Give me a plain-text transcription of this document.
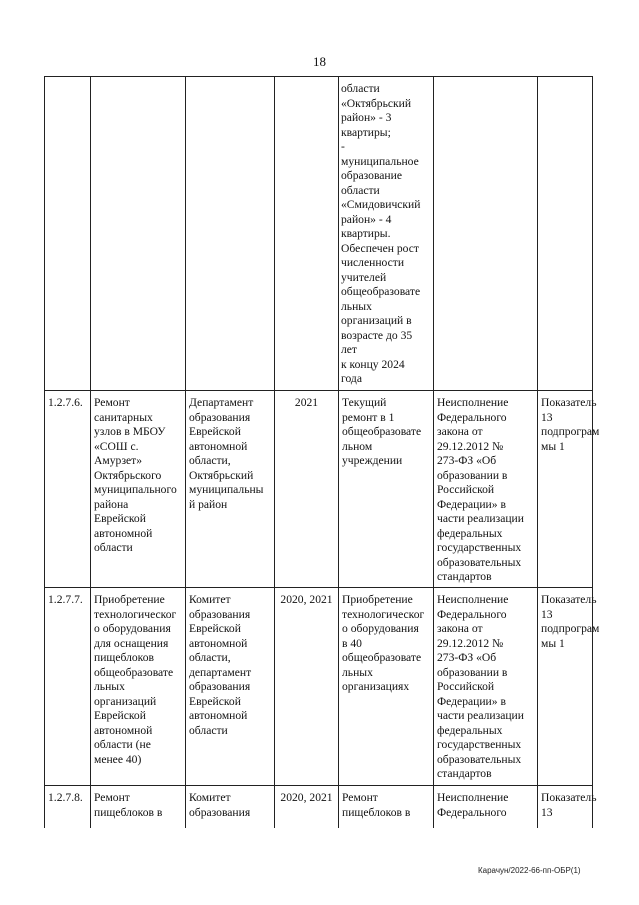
18
области
«Октябрьский
район» - 3
квартиры;
-
муниципальное
образование
области
«Смидовичский
район» - 4
квартиры.
Обеспечен рост
численности
учителей
общеобразовате
льных
организаций в
возрасте до 35
лет
к концу 2024
года
1.2.7.6. Ремонт
санитарных
узлов в МБОУ
«СОШ с.
Амурзет»
Октябрьского
муниципального
района
Еврейской
автономной
области
Департамент
образования
Еврейской
автономной
области,
Октябрьский
муниципальны
й район
2021	Текущий
ремонт в 1
общеобразовате
льном
учреждении
Неисполнение
Федерального
закона от
29.12.2012 №
273-ФЗ «Об
образовании в
Российской
Федерации» в
части реализации
федеральных
государственных
образовательных
стандартов
Показатель
13
подпрограм
мы 1
1.2.7.7. Приобретение
технологическог
о оборудования
для оснащения
пищеблоков
общеобразовате
льных
организаций
Еврейской
автономной
области (не
менее 40)
Комитет
образования
Еврейской
автономной
области,
департамент
образования
Еврейской
автономной
области
2020, 2021 Приобретение
технологическог
о оборудования
в 40
общеобразовате
льных
организациях
Неисполнение
Федерального
закона от
29.12.2012 №
273-ФЗ «Об
образовании в
Российской
Федерации» в
части реализации
федеральных
государственных
образовательных
стандартов
Показатель
13
подпрограм
мы 1
1.2.7.8. Ремонт
пищеблоков в
Комитет
образования
2020, 2021 Ремонт
пищеблоков в
Неисполнение
Федерального
Показатель
13
Карачун/2022-66-пп-ОБР(1)
